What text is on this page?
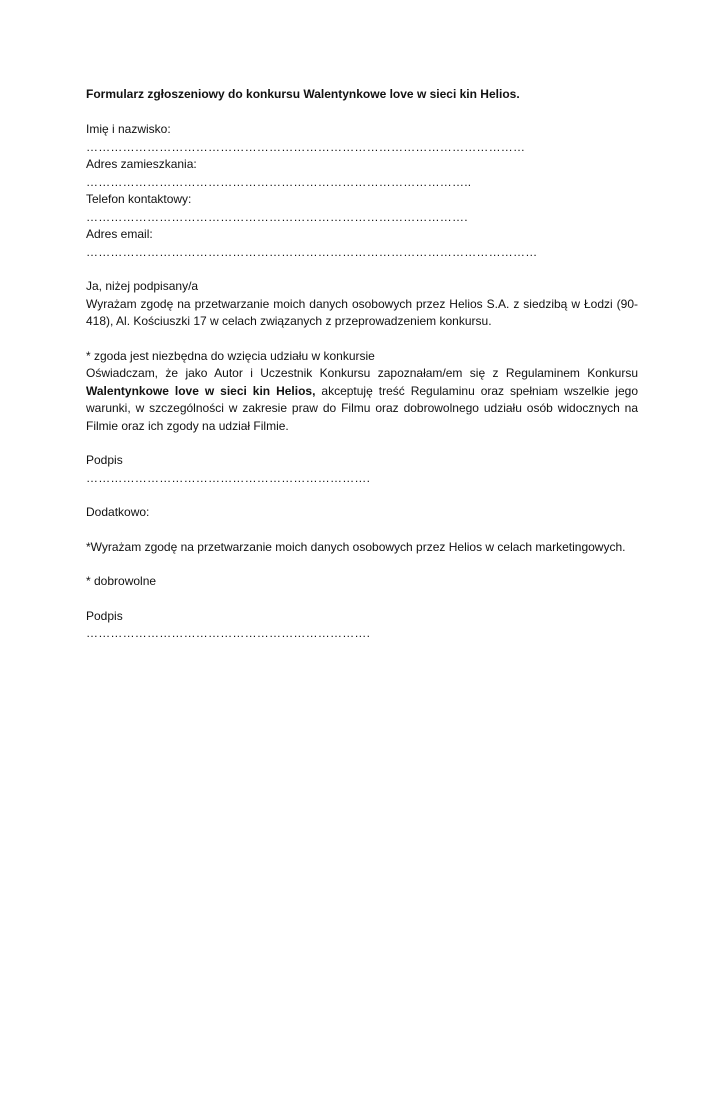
Formularz zgłoszeniowy do konkursu Walentynkowe love w sieci kin Helios.
Imię i nazwisko:
………………………………………………………………………………………………
Adres zamieszkania:
…………………………………………………………………………………..
Telefon kontaktowy:
………………………………………………………………………………….
Adres email:
…………………………………………………………………………………………………
Ja, niżej podpisany/a

Wyrażam zgodę na przetwarzanie moich danych osobowych przez Helios S.A. z siedzibą w Łodzi (90-418), Al. Kościuszki 17 w celach związanych z przeprowadzeniem konkursu.

* zgoda jest niezbędna do wzięcia udziału w konkursie

Oświadczam, że jako Autor i Uczestnik Konkursu zapoznałam/em się z Regulaminem Konkursu Walentynkowe love w sieci kin Helios, akceptuję treść Regulaminu oraz spełniam wszelkie jego warunki, w szczególności w zakresie praw do Filmu oraz dobrowolnego udziału osób widocznych na Filmie oraz ich zgody na udział Filmie.

Podpis
…………………………………………………………….
Dodatkowo:
*Wyrażam zgodę na przetwarzanie moich danych osobowych przez Helios w celach marketingowych.
* dobrowolne
Podpis
…………………………………………………………….
